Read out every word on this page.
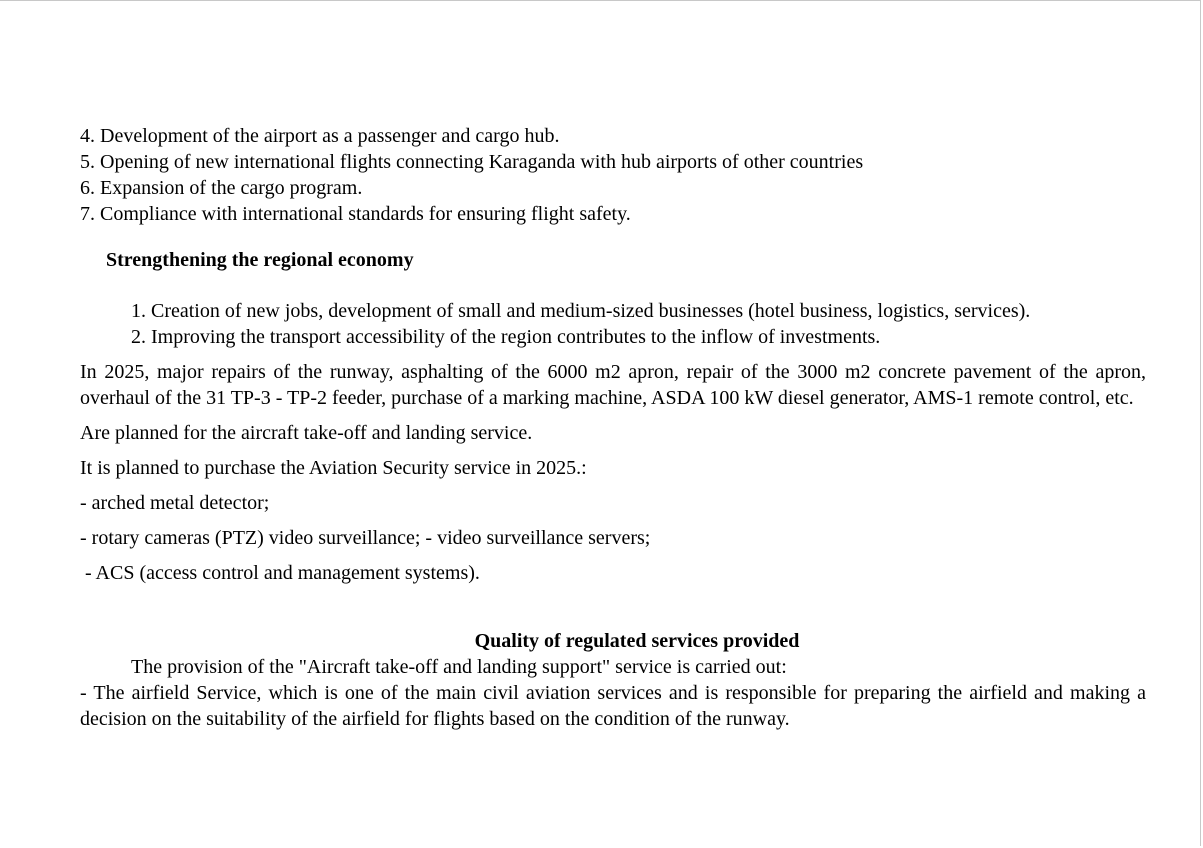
4. Development of the airport as a passenger and cargo hub.

5. Opening of new international flights connecting Karaganda with hub airports of other countries

6. Expansion of the cargo program.

7. Compliance with international standards for ensuring flight safety.

Strengthening the regional economy

1. Creation of new jobs, development of small and medium-sized businesses (hotel business, logistics, services).

2. Improving the transport accessibility of the region contributes to the inflow of investments.

In 2025, major repairs of the runway, asphalting of the 6000 m2 apron, repair of the 3000 m2 concrete pavement of the apron, overhaul of the 31 TP-3 - TP-2 feeder, purchase of a marking machine, ASDA 100 kW diesel generator, AMS-1 remote control, etc.

Are planned for the aircraft take-off and landing service.

It is planned to purchase the Aviation Security service in 2025.:

- arched metal detector;

- rotary cameras (PTZ) video surveillance; - video surveillance servers;

- ACS (access control and management systems).

Quality of regulated services provided

The provision of the "Aircraft take-off and landing support" service is carried out:

- The airfield Service, which is one of the main civil aviation services and is responsible for preparing the airfield and making a decision on the suitability of the airfield for flights based on the condition of the runway.
